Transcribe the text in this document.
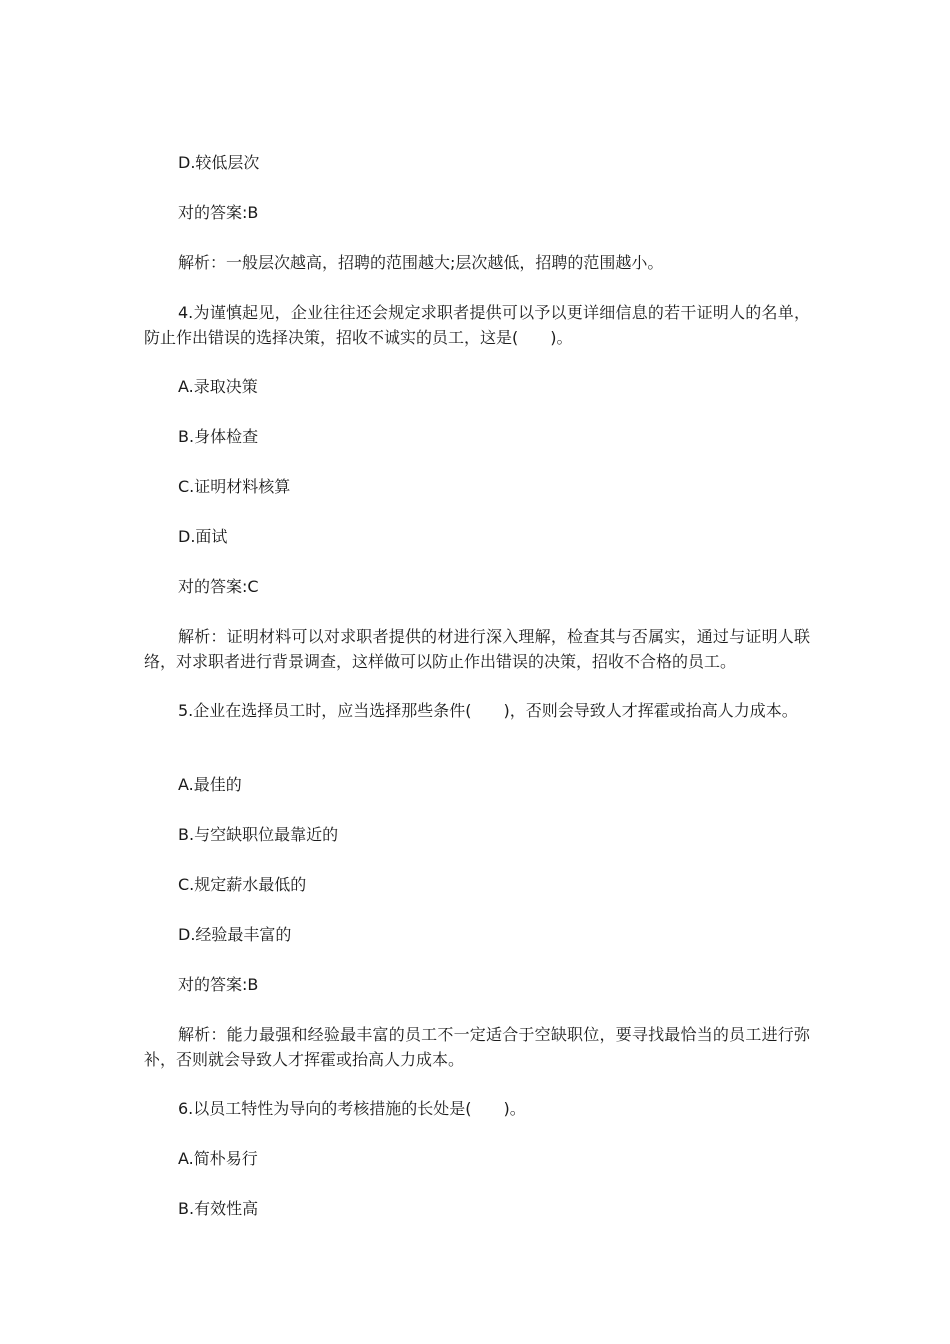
D.较低层次

对的答案:B

解析：一般层次越高，招聘的范围越大;层次越低，招聘的范围越小。

4.为谨慎起见，企业往往还会规定求职者提供可以予以更详细信息的若干证明人的名单，防止作出错误的选择决策，招收不诚实的员工，这是(　　)。

A.录取决策

B.身体检查

C.证明材料核算

D.面试

对的答案:C

解析：证明材料可以对求职者提供的材进行深入理解，检查其与否属实，通过与证明人联络，对求职者进行背景调查，这样做可以防止作出错误的决策，招收不合格的员工。

5.企业在选择员工时，应当选择那些条件(　　)，否则会导致人才挥霍或抬高人力成本。

A.最佳的

B.与空缺职位最靠近的

C.规定薪水最低的

D.经验最丰富的

对的答案:B

解析：能力最强和经验最丰富的员工不一定适合于空缺职位，要寻找最恰当的员工进行弥补，否则就会导致人才挥霍或抬高人力成本。

6.以员工特性为导向的考核措施的长处是(　　)。

A.简朴易行

B.有效性高
